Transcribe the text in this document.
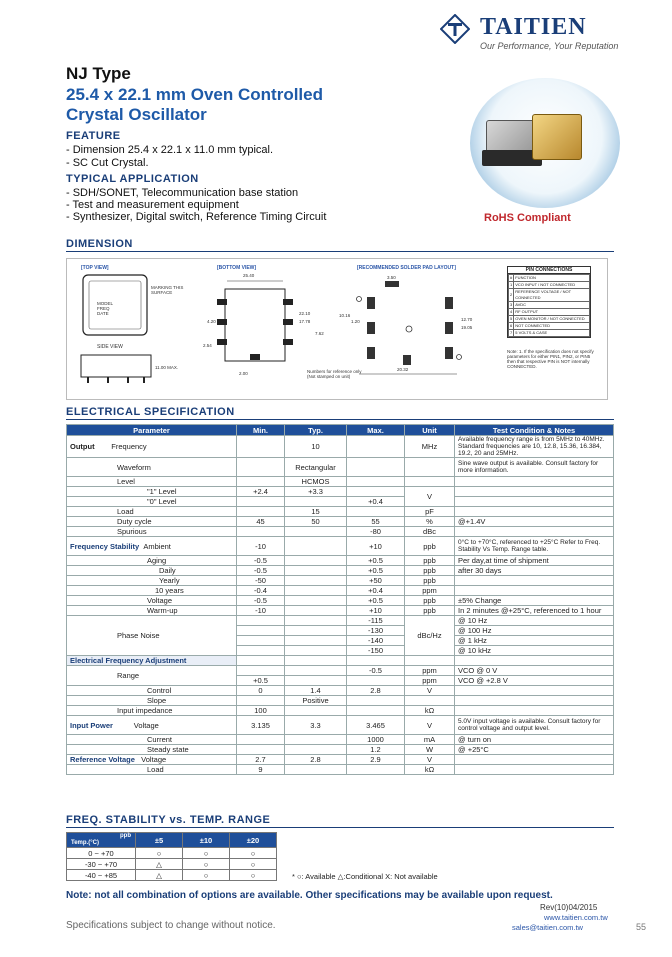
TAITIEN
Our Performance, Your Reputation
NJ Type
25.4 x 22.1 mm Oven Controlled
Crystal Oscillator
FEATURE
- Dimension 25.4 x 22.1 x 11.0 mm typical.
- SC Cut Crystal.
TYPICAL APPLICATION
- SDH/SONET, Telecommunication base station
- Test and measurement equipment
- Synthesizer, Digital switch, Reference Timing Circuit	RoHS Compliant
DIMENSION
[TOP VIEW]	[BOTTOM VIEW]	[RECOMMENDED SOLDER PAD LAYOUT]
MARKING THIS SURFACE
MODEL FREQ DATE
SIDE VIEW
Numbers for reference only (Not stamped on unit)
25.40
22.10
17.78
11.00 MAX.
2.54
7.62
10.16
20.32
3.50
1.20
2.00
12.70
19.05
4.20
PIN CONNECTIONS
#	FUNCTION
1	VCO INPUT / NOT CONNECTED
2	REFERENCE VOLTAGE / NOT CONNECTED
3	AVDC
4	RF OUTPUT
5	OVEN MONITOR / NOT CONNECTED
6	NOT CONNECTED
7	5 VOLTS & CASE
Note: 1. If the specification does not specify parameters for either PIN1, PIN2, or PIN5 then that respective PIN is NOT internally CONNECTED.
ELECTRICAL SPECIFICATION
Parameter	Min.	Typ.	Max.	Unit	Test Condition & Notes
Output Frequency		10		MHz	Available frequency range is from 5MHz to 40MHz. Standard frequencies are 10, 12.8, 15.36, 16.384, 19.2, 20 and 25MHz.
Waveform		Rectangular			Sine wave output is available. Consult factory for more information.
Level		HCMOS			
"1" Level	+2.4	+3.3		V	
"0" Level			+0.4		
Load		15		pF	
Duty cycle	45	50	55	%	@+1.4V
Spurious			-80	dBc	
Frequency Stability Ambient	-10		+10	ppb	0°C to +70°C, referenced to +25°C Refer to Freq. Stability Vs Temp. Range table.
Aging	-0.5		+0.5	ppb	Per day,at time of shipment
Daily	-0.5		+0.5	ppb	after 30 days
Yearly	-50		+50	ppb	
10 years	-0.4		+0.4	ppm	
Voltage	-0.5		+0.5	ppb	±5% Change
Warm-up	-10		+10	ppb	In 2 minutes @+25°C, referenced to 1 hour
Phase Noise			-115	dBc/Hz	@ 10 Hz
			-130		@ 100 Hz
			-140		@ 1 kHz
			-150		@ 10 kHz
Electrical Frequency Adjustment					
Range			-0.5	ppm	VCO @ 0 V
	+0.5			ppm	VCO @ +2.8 V
Control	0	1.4	2.8	V	
Slope		Positive			
Input impedance	100			kΩ	
Input Power Voltage	3.135	3.3	3.465	V	5.0V input voltage is available. Consult factory for control voltage and output level.
Current			1000	mA	@ turn on
Steady state			1.2	W	@ +25°C
Reference Voltage Voltage	2.7	2.8	2.9	V	
Load	9			kΩ	
FREQ. STABILITY vs. TEMP. RANGE
ppb
Temp.(°C)	±5	±10	±20
0 ~ +70	○	○	○
-30 ~ +70	△	○	○
-40 ~ +85	△	○	○	* ○: Available △:Conditional X: Not available
Note: not all combination of options are available. Other specifications may be available upon request.
Rev(10)04/2015
www.taitien.com.tw
sales@taitien.com.tw
Specifications subject to change without notice.	55
